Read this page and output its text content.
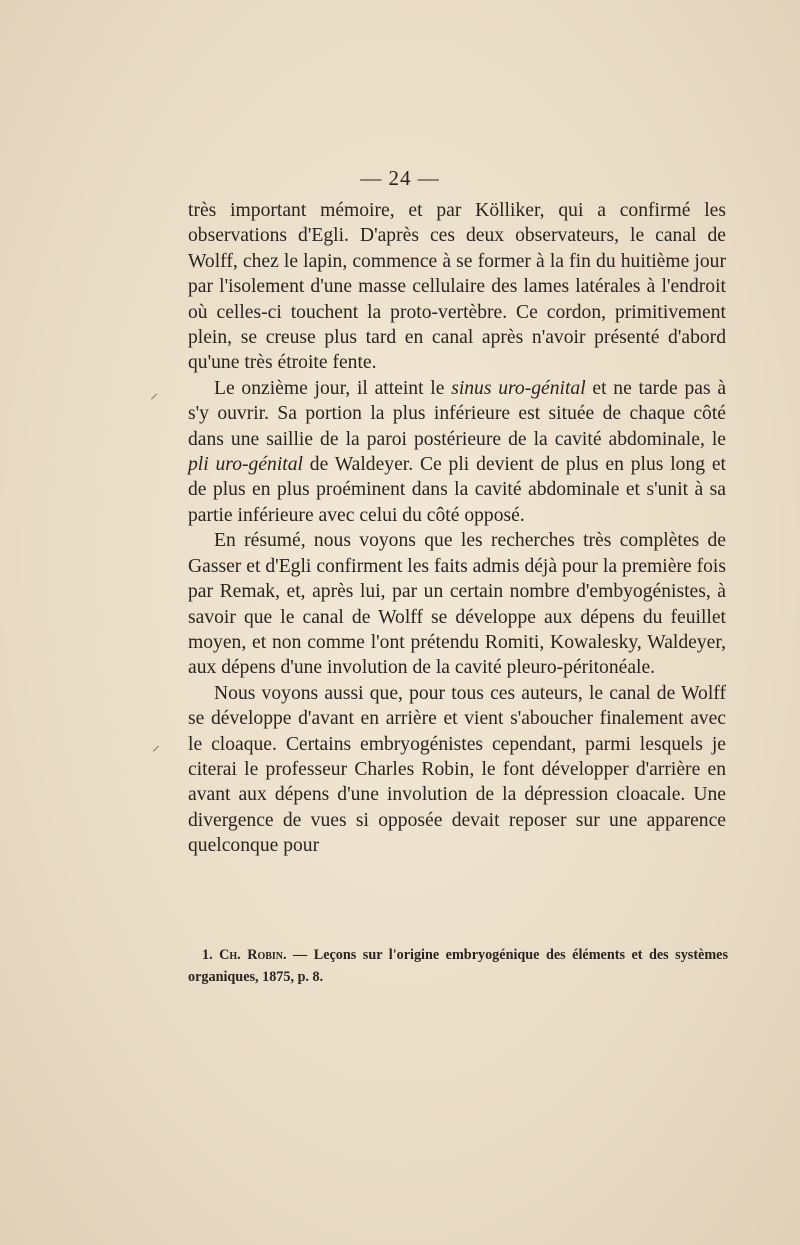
— 24 —

très important mémoire, et par Kölliker, qui a confirmé les observations d'Egli. D'après ces deux observateurs, le canal de Wolff, chez le lapin, commence à se former à la fin du huitième jour par l'isolement d'une masse cellulaire des lames latérales à l'endroit où celles-ci touchent la proto-vertèbre. Ce cordon, primitivement plein, se creuse plus tard en canal après n'avoir présenté d'abord qu'une très étroite fente.

Le onzième jour, il atteint le sinus uro-génital et ne tarde pas à s'y ouvrir. Sa portion la plus inférieure est située de chaque côté dans une saillie de la paroi postérieure de la cavité abdominale, le pli uro-génital de Waldeyer. Ce pli devient de plus en plus long et de plus en plus proéminent dans la cavité abdominale et s'unit à sa partie inférieure avec celui du côté opposé.

En résumé, nous voyons que les recherches très complètes de Gasser et d'Egli confirment les faits admis déjà pour la première fois par Remak, et, après lui, par un certain nombre d'embyogénistes, à savoir que le canal de Wolff se développe aux dépens du feuillet moyen, et non comme l'ont prétendu Romiti, Kowalesky, Waldeyer, aux dépens d'une involution de la cavité pleuro-péritonéale.

Nous voyons aussi que, pour tous ces auteurs, le canal de Wolff se développe d'avant en arrière et vient s'aboucher finalement avec le cloaque. Certains embryogénistes cependant, parmi lesquels je citerai le professeur Charles Robin, le font développer d'arrière en avant aux dépens d'une involution de la dépression cloacale. Une divergence de vues si opposée devait reposer sur une apparence quelconque pour

1. Ch. Robin. — Leçons sur l'origine embryogénique des éléments et des systèmes organiques, 1875, p. 8.

⸍
⸍
